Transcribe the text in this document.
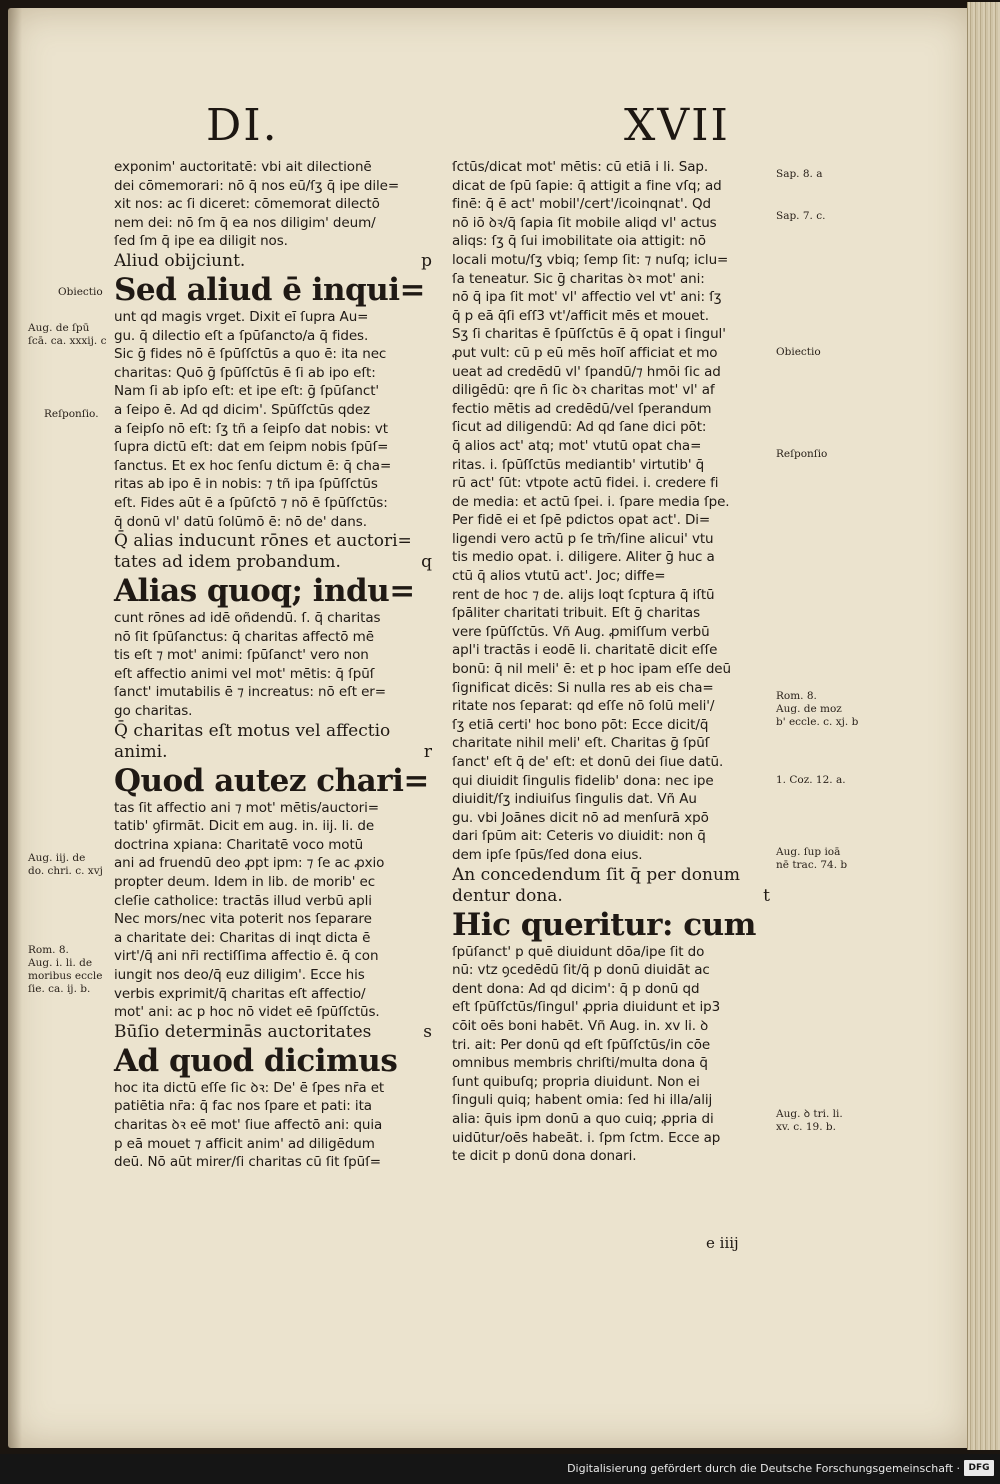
DI.	XVII
exponim' auctoritatē: vbi ait dilectionē
dei cōmemorari: nō q̄ nos eū/ſʒ q̄ ipe dile=
xit nos: ac ſi diceret: cōmemorat dilectō
nem dei: nō ſm q̄ ea nos diligim' deum/
ſed ſm q̄ ipe ea diligit nos.
Aliud obijciunt.	p
Sed aliud ē inqui=
unt qd magis vrget. Dixit eī ſupra Au=
gu. q̄ dilectio eſt a ſpūſancto/a q̄ fides.
Sic ḡ fides nō ē ſpūſſctūs a quo ē: ita nec
charitas: Quō ḡ ſpūſſctūs ē ſi ab ipo eſt:
Nam ſi ab ipſo eſt: et ipe eſt: ḡ ſpūſanct'
a ſeipo ē. Ad qd dicim'. Spūſſctūs qdez
a ſeipſo nō eſt: ſʒ tñ a ſeipſo dat nobis: vt
ſupra dictū eſt: dat em ſeipm nobis ſpūſ=
ſanctus. Et ex hoc ſenſu dictum ē: q̄ cha=
ritas ab ipo ē in nobis: ⁊ tñ ipa ſpūſſctūs
eſt. Fides aūt ē a ſpūſctō ⁊ nō ē ſpūſſctūs:
q̄ donū vl' datū ſolūmō ē: nō de' dans.
Q̄ alias inducunt rōnes et auctori=
tates ad idem probandum.	q
Alias quoq; indu=
cunt rōnes ad idē oñdendū. ſ. q̄ charitas
nō ſit ſpūſanctus: q̄ charitas affectō mē
tis eſt ⁊ mot' animi: ſpūſanct' vero non
eſt affectio animi vel mot' mētis: q̄ ſpūſ
ſanct' imutabilis ē ⁊ increatus: nō eſt er=
go charitas.
Q̄ charitas eſt motus vel affectio
animi.	r
Quod autez chari=
tas ſit affectio ani ⁊ mot' mētis/auctori=
tatib' ꝯfirmāt. Dicit em aug. in. iij. li. de
doctrina xpiana: Charitatē voco motū
ani ad fruendū deo ꝓpt ipm: ⁊ ſe ac ꝓxio
propter deum. Idem in lib. de morib' ec
cleſie catholice: tractās illud verbū apli
Nec mors/nec vita poterit nos ſeparare
a charitate dei: Charitas di inqt dicta ē
virt'/q̄ ani nr̄i rectiſſima affectio ē. q̄ con
iungit nos deo/q̄ euz diligim'. Ecce his
verbis exprimit/q̄ charitas eſt affectio/
mot' ani: ac p hoc nō videt eē ſpūſſctūs.
Būſio determinās auctoritates	s
Ad quod dicimus
hoc ita dictū eſſe ſic ꝺꝛ: De' ē ſpes nr̄a et
patiētia nr̄a: q̄ fac nos ſpare et pati: ita
charitas ꝺꝛ eē mot' ſiue affectō ani: quia
p eā mouet ⁊ afficit anim' ad diligēdum
deū. Nō aūt mirer/ſi charitas cū ſit ſpūſ=
ſctūs/dicat mot' mētis: cū etiā i li. Sap.
dicat de ſpū ſapie: q̄ attigit a fine vſq; ad
finē: q̄ ē act' mobil'/cert'/icoinqnat'. Qd
nō iō ꝺꝛ/q̄ ſapia ſit mobile aliqd vl' actus
aliqs: ſʒ q̄ ſui imobilitate oia attigit: nō
locali motu/ſʒ vbiq; ſemp ſit: ⁊ nuſq; iclu=
ſa teneatur. Sic ḡ charitas ꝺꝛ mot' ani:
nō q̄ ipa ſit mot' vl' affectio vel vt' ani: ſʒ
q̄ p eā q̄ſi eſſ3 vt'/afficit mēs et mouet.
Sʒ ſi charitas ē ſpūſſctūs ē q̄ opat i ſingul'
ꝓut vult: cū p eū mēs hoīſ afficiat et mo
ueat ad credēdū vl' ſpandū/⁊ hmōi ſic ad
diligēdū: qre n̄ ſic ꝺꝛ charitas mot' vl' af
fectio mētis ad credēdū/vel ſperandum
ſicut ad diligendū: Ad qd ſane dici pōt:
q̄ alios act' atq; mot' vtutū opat cha=
ritas. i. ſpūſſctūs mediantib' virtutib' q̄
rū act' ſūt: vtpote actū fidei. i. credere fi
de media: et actū ſpei. i. ſpare media ſpe.
Per fidē ei et ſpē pdictos opat act'. Di=
ligendi vero actū p ſe tm̄/ſine alicui' vtu
tis medio opat. i. diligere. Aliter ḡ huc a
ctū q̄ alios vtutū act'. Joc; diffe=
rent de hoc ⁊ de. alijs loqt ſcptura q̄ iſtū
ſpāliter charitati tribuit. Eſt ḡ charitas
vere ſpūſſctūs. Vñ Aug. ꝓmiſſum verbū
apl'i tractās i eodē li. charitatē dicit eſſe
bonū: q̄ nil meli' ē: et p hoc ipam eſſe deū
ſignificat dicēs: Si nulla res ab eis cha=
ritate nos ſeparat: qd eſſe nō ſolū meli'/
ſʒ etiā certi' hoc bono pōt: Ecce dicit/q̄
charitate nihil meli' eſt. Charitas ḡ ſpūſ
ſanct' eſt q̄ de' eſt: et donū dei ſiue datū.
qui diuidit ſingulis fidelib' dona: nec ipe
diuidit/ſʒ indiuiſus ſingulis dat. Vñ Au
gu. vbi Joānes dicit nō ad menſurā xpō
dari ſpūm ait: Ceteris vo diuidit: non q̄
dem ipſe ſpūs/ſed dona eius.
An concedendum ſit q̄ per donum
dentur dona.	t
Hic queritur: cum
ſpūſanct' p quē diuidunt dōa/ipe ſit do
nū: vtz ꝯcedēdū ſit/q̄ p donū diuidāt ac
dent dona: Ad qd dicim': q̄ p donū qd
eſt ſpūſſctūs/ſingul' ꝓpria diuidunt et ip3
cōit oēs boni habēt. Vñ Aug. in. xv li. ꝺ
tri. ait: Per donū qd eſt ſpūſſctūs/in cōe
omnibus membris chriſti/multa dona q̄
ſunt quibuſq; propria diuidunt. Non ei
ſinguli quiq; habent omia: ſed hi illa/alij
alia: q̄uis ipm donū a quo cuiq; ꝓpria di
uidūtur/oēs habeāt. i. ſpm ſctm. Ecce ap
te dicit p donū dona donari.
Obiectio
Aug. de ſpū
ſcā. ca. xxxij. c
Reſponſio.
Aug. iij. de
do. chri. c. xvj
Rom. 8.
Aug. i. li. de
moribus eccle
ſie. ca. ij. b.
Sap. 8. a
Sap. 7. c.
Obiectio
Reſponſio
Rom. 8.
Aug. de moz
b' eccle. c. xj. b
1. Coz. 12. a.
Aug. ſup ioā
nē trac. 74. b
Aug. ꝺ tri. li.
xv. c. 19. b.
e iiij
Digitalisierung gefördert durch die Deutsche Forschungsgemeinschaft · DFG
